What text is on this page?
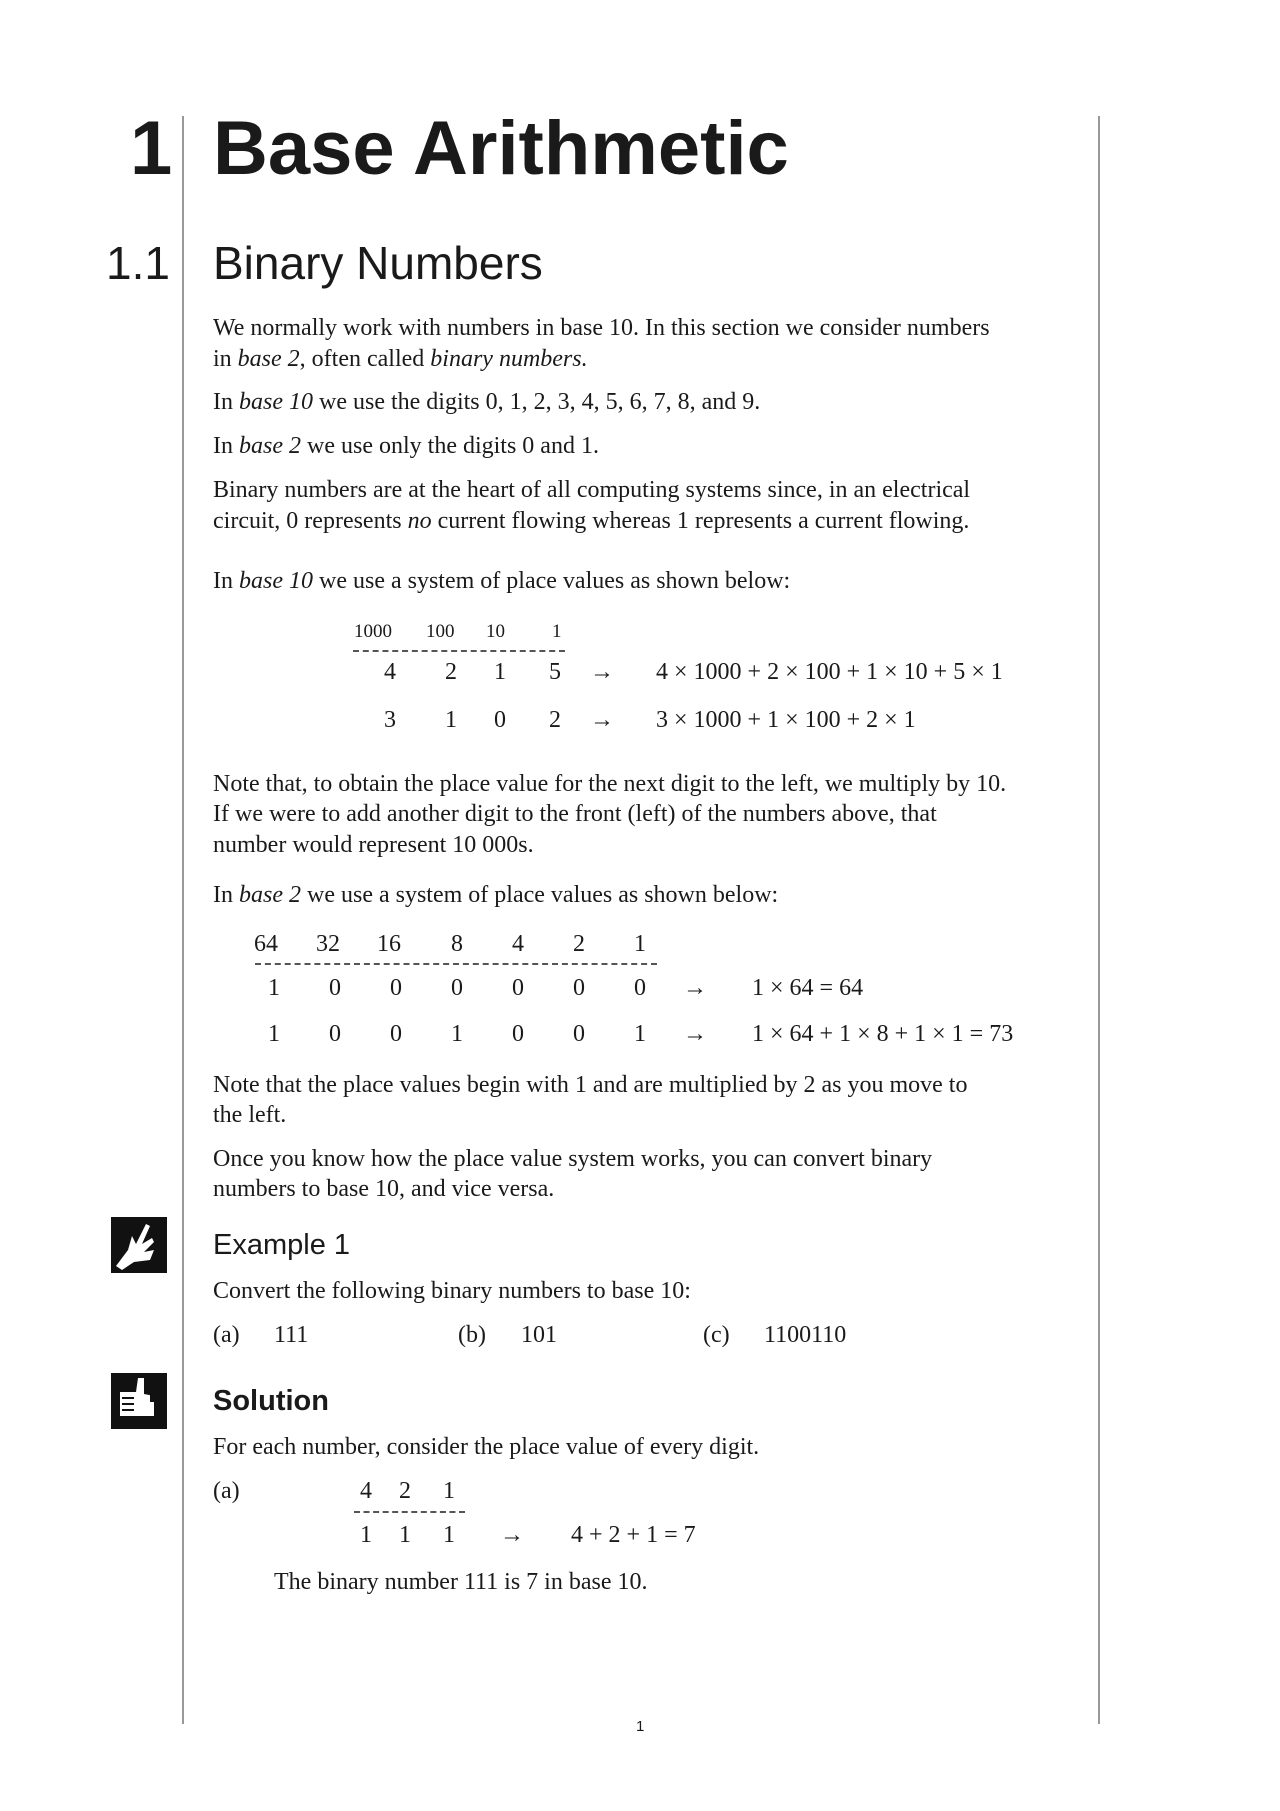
1 Base Arithmetic
1.1 Binary Numbers
We normally work with numbers in base 10. In this section we consider numbers
in base 2, often called binary numbers.
In base 10 we use the digits 0, 1, 2, 3, 4, 5, 6, 7, 8, and 9.
In base 2 we use only the digits 0 and 1.
Binary numbers are at the heart of all computing systems since, in an electrical
circuit, 0 represents no current flowing whereas 1 represents a current flowing.
In base 10 we use a system of place values as shown below:
1000 100 10 1
4 2 1 5 → 4 × 1000 + 2 × 100 + 1 × 10 + 5 × 1
3 1 0 2 → 3 × 1000 + 1 × 100 + 2 × 1
Note that, to obtain the place value for the next digit to the left, we multiply by 10.
If we were to add another digit to the front (left) of the numbers above, that
number would represent 10 000s.
In base 2 we use a system of place values as shown below:
64 32 16 8 4 2 1
1 0 0 0 0 0 0 → 1 × 64 = 64
1 0 0 1 0 0 1 → 1 × 64 + 1 × 8 + 1 × 1 = 73
Note that the place values begin with 1 and are multiplied by 2 as you move to
the left.
Once you know how the place value system works, you can convert binary
numbers to base 10, and vice versa.
Example 1
Convert the following binary numbers to base 10:
(a) 111	(b) 101	(c) 1100110
Solution
For each number, consider the place value of every digit.
(a)	4 2 1
1 1 1 → 4 + 2 + 1 = 7
The binary number 111 is 7 in base 10.
1
